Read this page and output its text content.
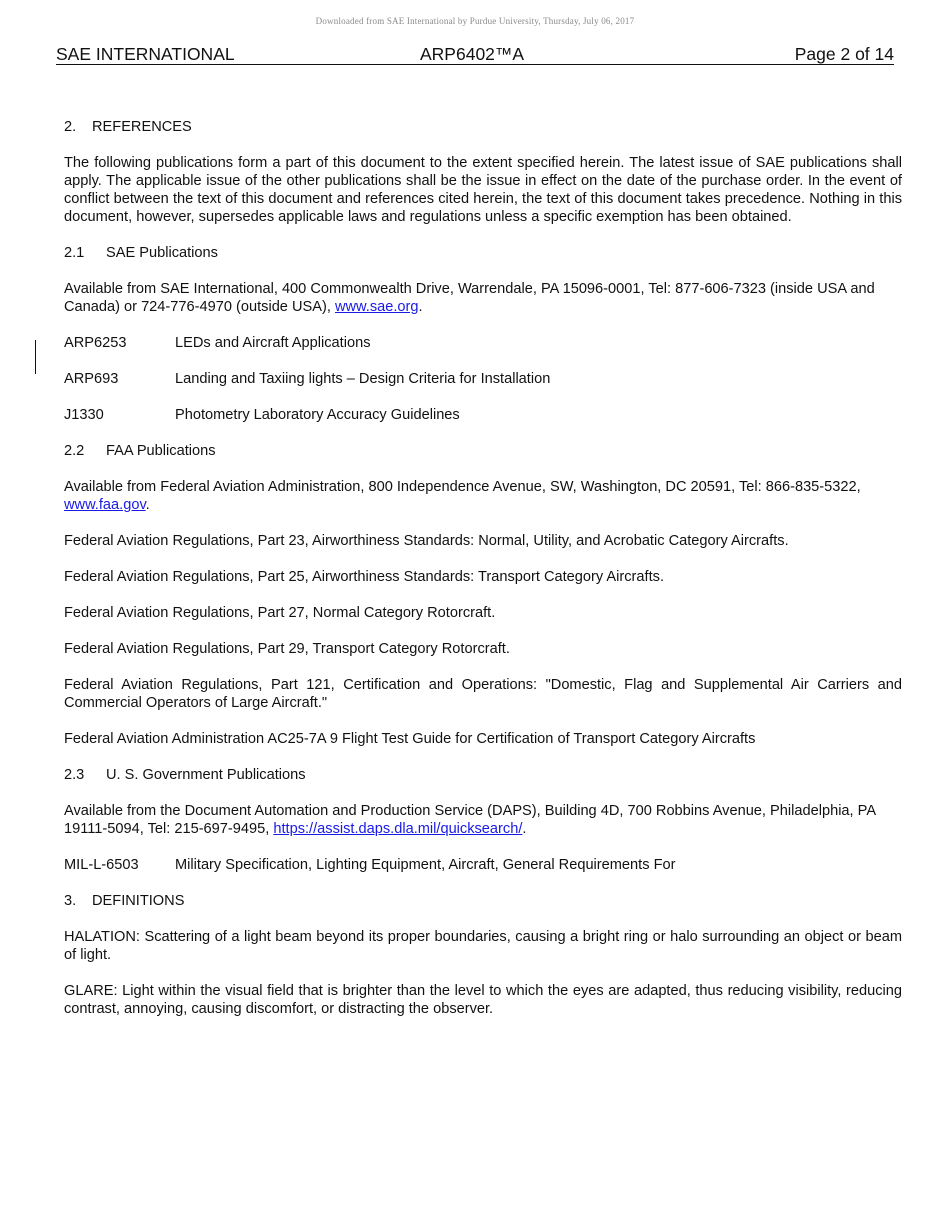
Downloaded from SAE International by Purdue University, Thursday, July 06, 2017
SAE INTERNATIONAL	ARP6402™A	Page 2 of 14
2. REFERENCES
The following publications form a part of this document to the extent specified herein. The latest issue of SAE publications shall apply. The applicable issue of the other publications shall be the issue in effect on the date of the purchase order. In the event of conflict between the text of this document and references cited herein, the text of this document takes precedence. Nothing in this document, however, supersedes applicable laws and regulations unless a specific exemption has been obtained.
2.1 SAE Publications
Available from SAE International, 400 Commonwealth Drive, Warrendale, PA 15096-0001, Tel: 877-606-7323 (inside USA and Canada) or 724-776-4970 (outside USA), www.sae.org.
ARP6253	LEDs and Aircraft Applications
ARP693	Landing and Taxiing lights – Design Criteria for Installation
J1330	Photometry Laboratory Accuracy Guidelines
2.2 FAA Publications
Available from Federal Aviation Administration, 800 Independence Avenue, SW, Washington, DC 20591, Tel: 866-835-5322, www.faa.gov.
Federal Aviation Regulations, Part 23, Airworthiness Standards: Normal, Utility, and Acrobatic Category Aircrafts.
Federal Aviation Regulations, Part 25, Airworthiness Standards: Transport Category Aircrafts.
Federal Aviation Regulations, Part 27, Normal Category Rotorcraft.
Federal Aviation Regulations, Part 29, Transport Category Rotorcraft.
Federal Aviation Regulations, Part 121, Certification and Operations: "Domestic, Flag and Supplemental Air Carriers and Commercial Operators of Large Aircraft."
Federal Aviation Administration AC25-7A 9 Flight Test Guide for Certification of Transport Category Aircrafts
2.3 U. S. Government Publications
Available from the Document Automation and Production Service (DAPS), Building 4D, 700 Robbins Avenue, Philadelphia, PA 19111-5094, Tel: 215-697-9495, https://assist.daps.dla.mil/quicksearch/.
MIL-L-6503	Military Specification, Lighting Equipment, Aircraft, General Requirements For
3. DEFINITIONS
HALATION: Scattering of a light beam beyond its proper boundaries, causing a bright ring or halo surrounding an object or beam of light.
GLARE: Light within the visual field that is brighter than the level to which the eyes are adapted, thus reducing visibility, reducing contrast, annoying, causing discomfort, or distracting the observer.
